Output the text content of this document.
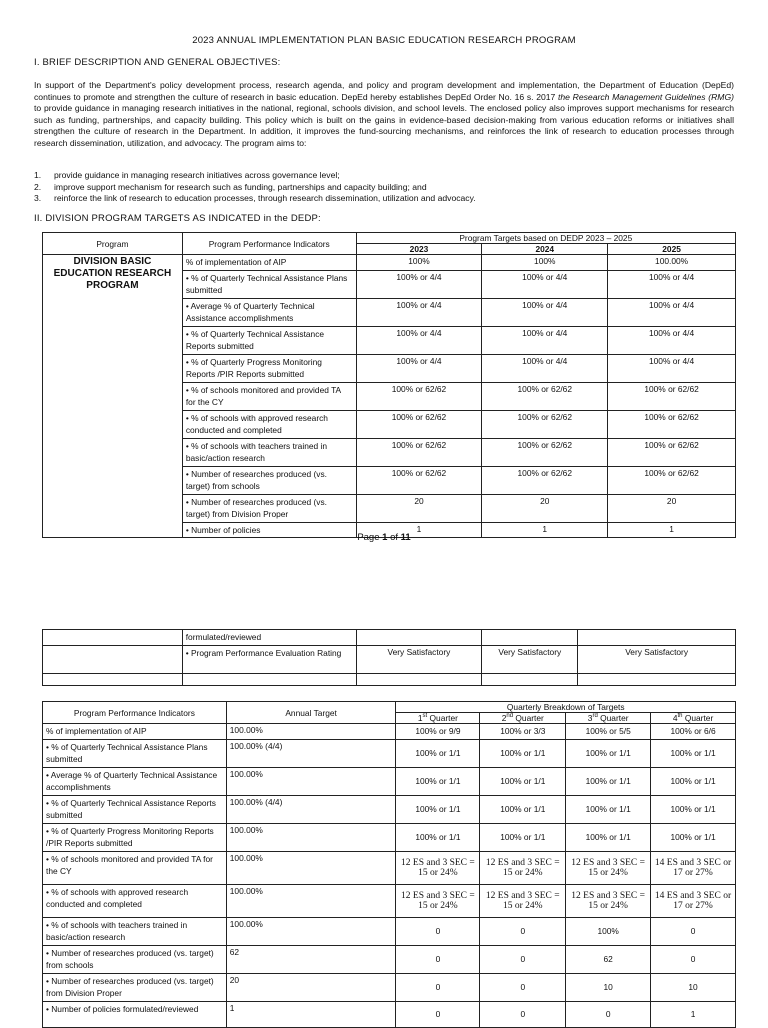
2023 ANNUAL IMPLEMENTATION PLAN BASIC EDUCATION RESEARCH PROGRAM
I. BRIEF DESCRIPTION AND GENERAL OBJECTIVES:
In support of the Department's policy development process, research agenda, and policy and program development and implementation, the Department of Education (DepEd) continues to promote and strengthen the culture of research in basic education. DepEd hereby establishes DepEd Order No. 16 s. 2017 the Research Management Guidelines (RMG) to provide guidance in managing research initiatives in the national, regional, schools division, and school levels. The enclosed policy also improves support mechanisms for research such as funding, partnerships, and capacity building. This policy which is built on the gains in evidence-based decision-making from various education reforms or initiatives shall strengthen the culture of research in the Department. In addition, it improves the fund-sourcing mechanisms, and reinforces the link of research to education processes through research dissemination, utilization, and advocacy. The program aims to:
1. provide guidance in managing research initiatives across governance level;
2. improve support mechanism for research such as funding, partnerships and capacity building; and
3. reinforce the link of research to education processes, through research dissemination, utilization and advocacy.
II. DIVISION PROGRAM TARGETS AS INDICATED in the DEDP:
Program	Program Performance Indicators	Program Targets based on DEDP 2023 – 2025		
		2023	2024	2025
DIVISION BASIC EDUCATION RESEARCH PROGRAM	% of implementation of AIP	100%	100%	100.00%
	• % of Quarterly Technical Assistance Plans submitted	100% or 4/4	100% or 4/4	100% or 4/4
	• Average % of Quarterly Technical Assistance accomplishments	100% or 4/4	100% or 4/4	100% or 4/4
	• % of Quarterly Technical Assistance Reports submitted	100% or 4/4	100% or 4/4	100% or 4/4
	• % of Quarterly Progress Monitoring Reports /PIR Reports submitted	100% or 4/4	100% or 4/4	100% or 4/4
	• % of schools monitored and provided TA for the CY	100% or 62/62	100% or 62/62	100% or 62/62
	• % of schools with approved research conducted and completed	100% or 62/62	100% or 62/62	100% or 62/62
	• % of schools with teachers trained in basic/action research	100% or 62/62	100% or 62/62	100% or 62/62
	• Number of researches produced (vs. target) from schools	100% or 62/62	100% or 62/62	100% or 62/62
	• Number of researches produced (vs. target) from Division Proper	20	20	20
	• Number of policies	1	1	1
Page 1 of 11
	formulated/reviewed			
	• Program Performance Evaluation Rating	Very Satisfactory	Very Satisfactory	Very Satisfactory

Program Performance Indicators	Annual Target	Quarterly Breakdown of Targets			
		1st Quarter	2nd Quarter	3rd Quarter	4th Quarter
% of implementation of AIP	100.00%	100% or 9/9	100% or 3/3	100% or 5/5	100% or 6/6
• % of Quarterly Technical Assistance Plans submitted	100.00% (4/4)	100% or 1/1	100% or 1/1	100% or 1/1	100% or 1/1
• Average % of Quarterly Technical Assistance accomplishments	100.00%	100% or 1/1	100% or 1/1	100% or 1/1	100% or 1/1
• % of Quarterly Technical Assistance Reports submitted	100.00% (4/4)	100% or 1/1	100% or 1/1	100% or 1/1	100% or 1/1
• % of Quarterly Progress Monitoring Reports /PIR Reports submitted	100.00%	100% or 1/1	100% or 1/1	100% or 1/1	100% or 1/1
• % of schools monitored and provided TA for the CY	100.00%	12 ES and 3 SEC = 15 or 24%	12 ES and 3 SEC = 15 or 24%	12 ES and 3 SEC = 15 or 24%	14 ES and 3 SEC or 17 or 27%
• % of schools with approved research conducted and completed	100.00%	12 ES and 3 SEC = 15 or 24%	12 ES and 3 SEC = 15 or 24%	12 ES and 3 SEC = 15 or 24%	14 ES and 3 SEC or 17 or 27%
• % of schools with teachers trained in basic/action research	100.00%	0	0	100%	0
• Number of researches produced (vs. target) from schools	62	0	0	62	0
• Number of researches produced (vs. target) from Division Proper	20	0	0	10	10
• Number of policies formulated/reviewed	1	0	0	0	1
